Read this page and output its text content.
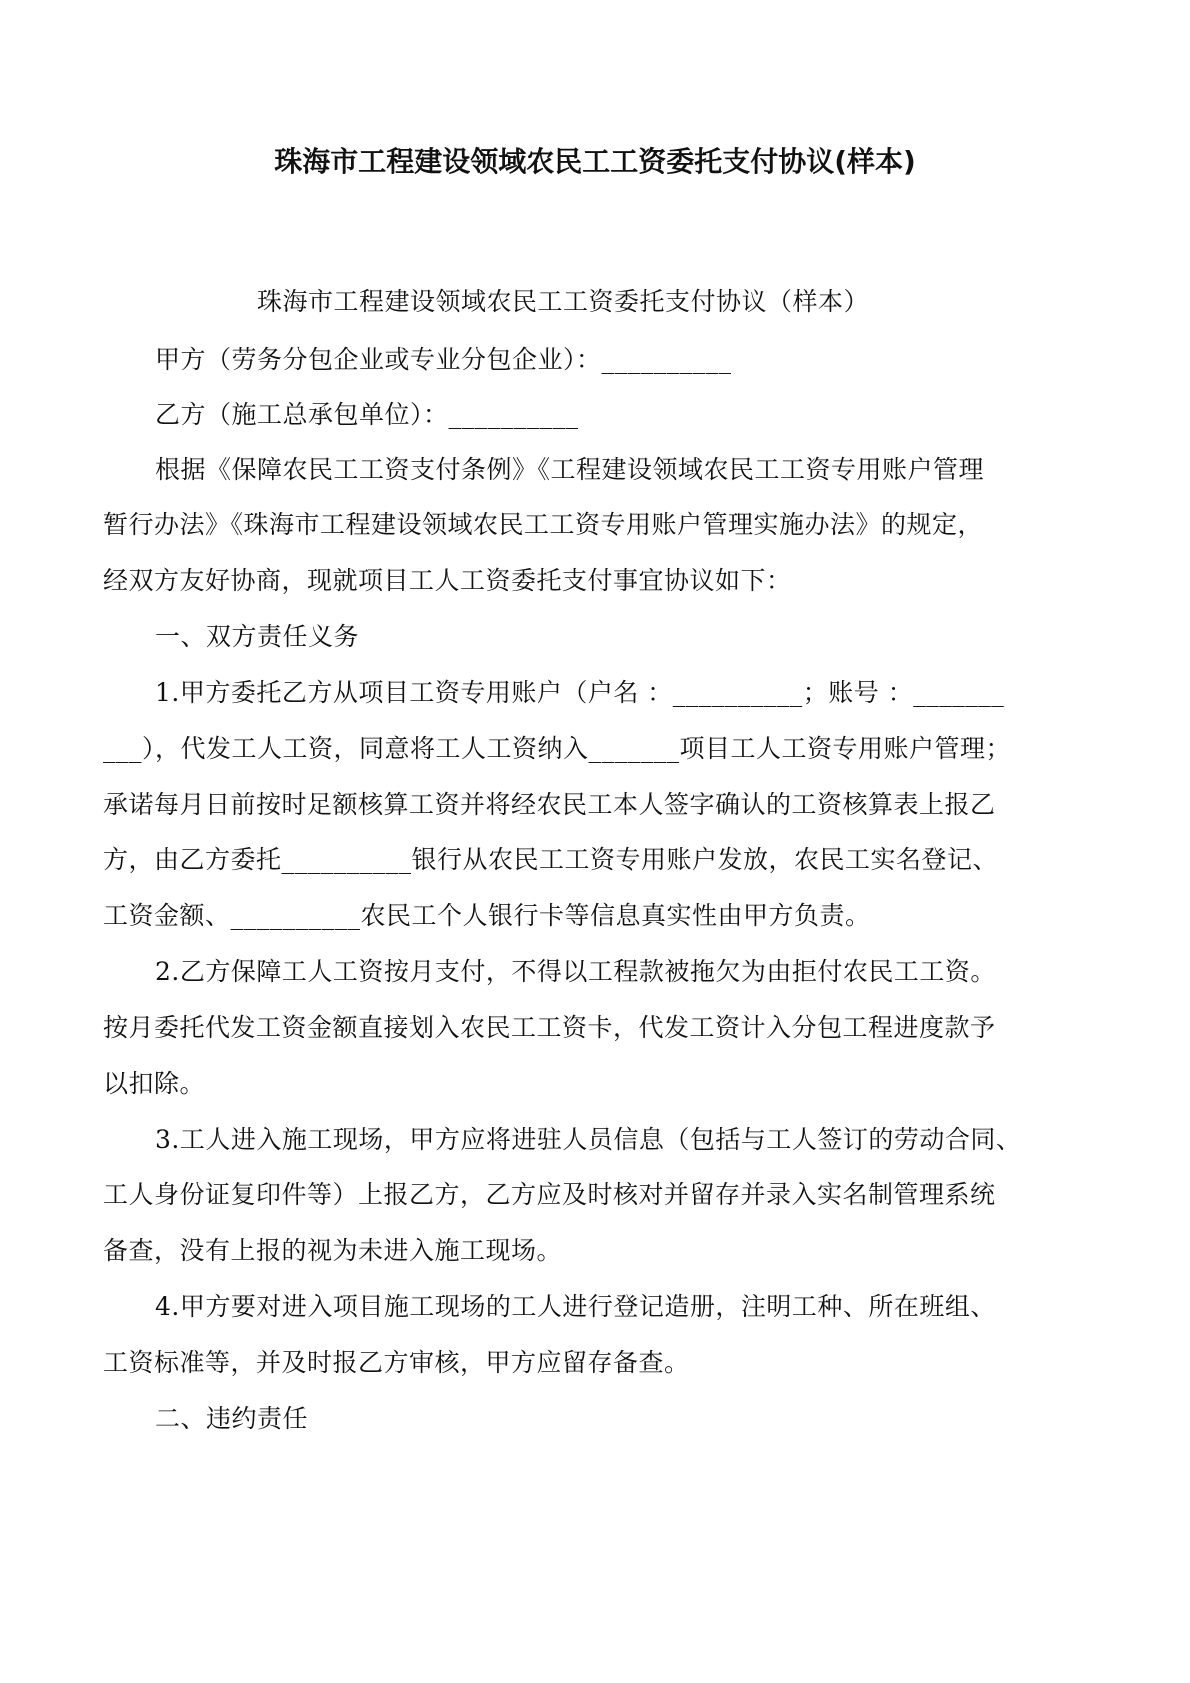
珠海市工程建设领域农民工工资委托支付协议(样本)
珠海市工程建设领域农民工工资委托支付协议（样本）
甲方（劳务分包企业或专业分包企业）：__________
乙方（施工总承包单位）：__________
根据《保障农民工工资支付条例》《工程建设领域农民工工资专用账户管理
暂行办法》《珠海市工程建设领域农民工工资专用账户管理实施办法》的规定，
经双方友好协商，现就项目工人工资委托支付事宜协议如下：
一、双方责任义务
1.甲方委托乙方从项目工资专用账户（户名 ：__________；账号 ：_______
___），代发工人工资，同意将工人工资纳入_______项目工人工资专用账户管理；
承诺每月日前按时足额核算工资并将经农民工本人签字确认的工资核算表上报乙
方，由乙方委托__________银行从农民工工资专用账户发放，农民工实名登记、
工资金额、__________农民工个人银行卡等信息真实性由甲方负责。
2.乙方保障工人工资按月支付，不得以工程款被拖欠为由拒付农民工工资。
按月委托代发工资金额直接划入农民工工资卡，代发工资计入分包工程进度款予
以扣除。
3.工人进入施工现场，甲方应将进驻人员信息（包括与工人签订的劳动合同、
工人身份证复印件等）上报乙方，乙方应及时核对并留存并录入实名制管理系统
备查，没有上报的视为未进入施工现场。
4.甲方要对进入项目施工现场的工人进行登记造册，注明工种、所在班组、
工资标准等，并及时报乙方审核，甲方应留存备查。
二、违约责任
